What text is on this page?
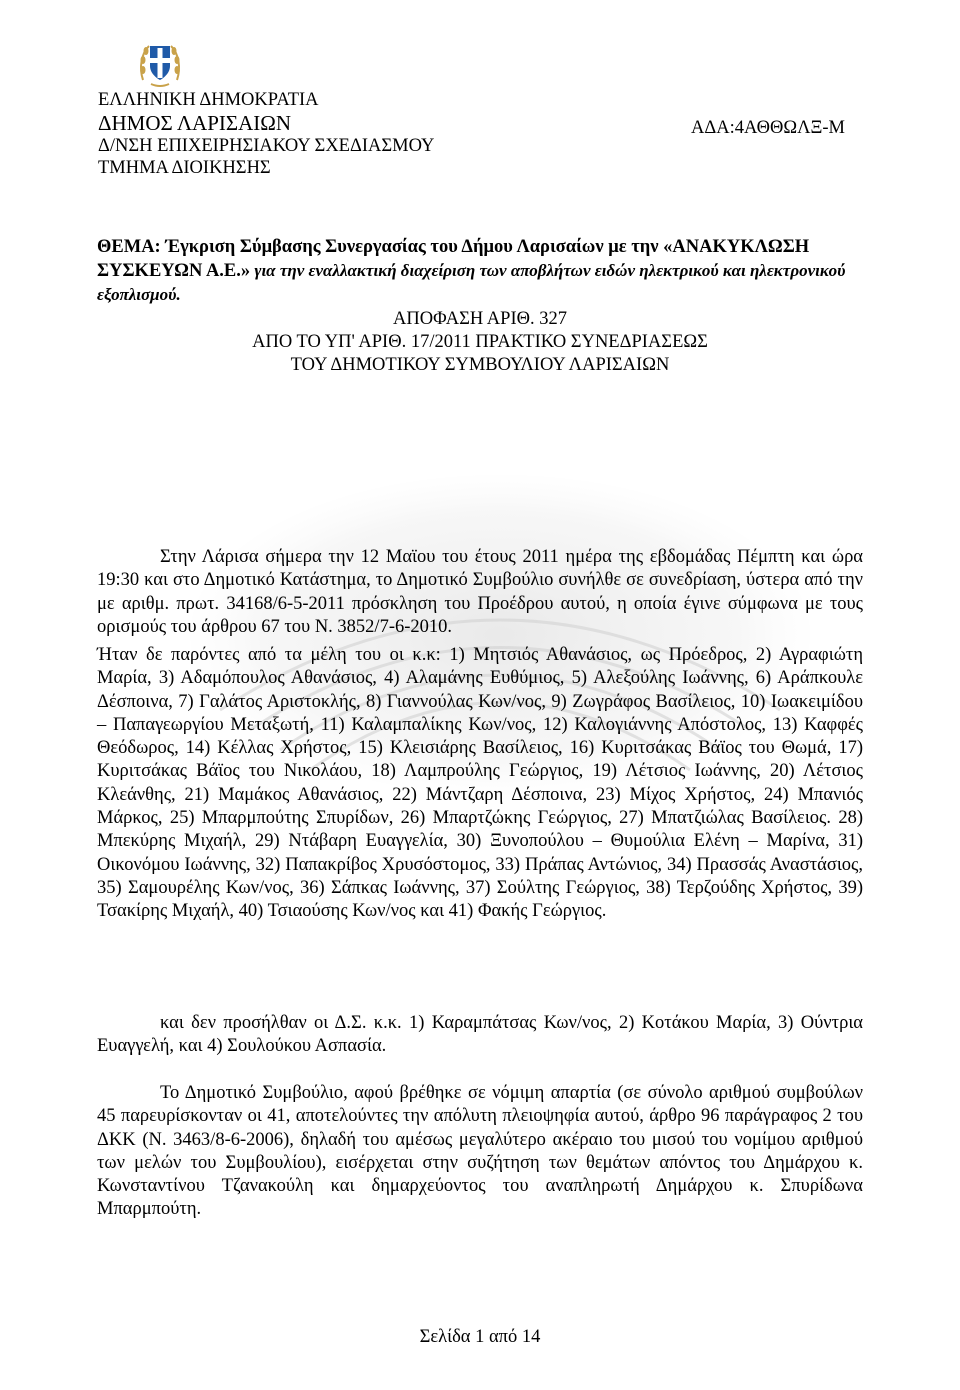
ΕΛΛΗΝΙΚΗ ΔΗΜΟΚΡΑΤΙΑ
ΔΗΜΟΣ ΛΑΡΙΣΑΙΩΝ
Δ/ΝΣΗ ΕΠΙΧΕΙΡΗΣΙΑΚΟΥ ΣΧΕΔΙΑΣΜΟΥ
ΤΜΗΜΑ ΔΙΟΙΚΗΣΗΣ
ΑΔΑ:4ΑΘΘΩΛΞ-Μ
ΑΠΟΦΑΣΗ ΑΡΙΘ. 327
ΑΠΟ ΤΟ ΥΠ' ΑΡΙΘ. 17/2011 ΠΡΑΚΤΙΚΟ ΣΥΝΕΔΡΙΑΣΕΩΣ
ΤΟΥ ΔΗΜΟΤΙΚΟΥ ΣΥΜΒΟΥΛΙΟΥ ΛΑΡΙΣΑΙΩΝ
ΘΕΜΑ: Έγκριση Σύμβασης Συνεργασίας του Δήμου Λαρισαίων με την «ΑΝΑΚΥΚΛΩΣΗ ΣΥΣΚΕΥΩΝ Α.Ε.» για την εναλλακτική διαχείριση των αποβλήτων ειδών ηλεκτρικού και ηλεκτρονικού εξοπλισμού.

Στην Λάρισα σήμερα την 12 Μαϊου του έτους 2011 ημέρα της εβδομάδας Πέμπτη και ώρα 19:30 και στο Δημοτικό Κατάστημα, το Δημοτικό Συμβούλιο συνήλθε σε συνεδρίαση, ύστερα από την με αριθμ. πρωτ. 34168/6-5-2011 πρόσκληση του Προέδρου αυτού, η οποία έγινε σύμφωνα με τους ορισμούς του άρθρου 67 του Ν. 3852/7-6-2010.

Ήταν δε παρόντες από τα μέλη του οι κ.κ: 1) Μητσιός Αθανάσιος, ως Πρόεδρος, 2) Αγραφιώτη Μαρία, 3) Αδαμόπουλος Αθανάσιος, 4) Αλαμάνης Ευθύμιος, 5) Αλεξούλης Ιωάννης, 6) Αράπκουλε Δέσποινα, 7) Γαλάτος Αριστοκλής, 8) Γιαννούλας Κων/νος, 9) Ζωγράφος Βασίλειος, 10) Ιωακειμίδου – Παπαγεωργίου Μεταξωτή, 11) Καλαμπαλίκης Κων/νος, 12) Καλογιάννης Απόστολος, 13) Καφφές Θεόδωρος, 14) Κέλλας Χρήστος, 15) Κλεισιάρης Βασίλειος, 16) Κυριτσάκας Βάϊος του Θωμά, 17) Κυριτσάκας Βάϊος του Νικολάου, 18) Λαμπρούλης Γεώργιος, 19) Λέτσιος Ιωάννης, 20) Λέτσιος Κλεάνθης, 21) Μαμάκος Αθανάσιος, 22) Μάντζαρη Δέσποινα, 23) Μίχος Χρήστος, 24) Μπανιός Μάρκος, 25) Μπαρμπούτης Σπυρίδων, 26) Μπαρτζώκης Γεώργιος, 27) Μπατζιώλας Βασίλειος. 28) Μπεκύρης Μιχαήλ, 29) Ντάβαρη Ευαγγελία, 30) Ξυνοπούλου – Θυμούλια Ελένη – Μαρίνα, 31) Οικονόμου Ιωάννης, 32) Παπακρίβος Χρυσόστομος, 33) Πράπας Αντώνιος, 34) Πρασσάς Αναστάσιος, 35) Σαμουρέλης Κων/νος, 36) Σάπκας Ιωάννης, 37) Σούλτης Γεώργιος, 38) Τερζούδης Χρήστος, 39) Τσακίρης Μιχαήλ, 40) Τσιαούσης Κων/νος και 41) Φακής Γεώργιος.

και δεν προσήλθαν οι Δ.Σ. κ.κ. 1) Καραμπάτσας Κων/νος, 2) Κοτάκου Μαρία, 3) Ούντρια Ευαγγελή, και 4) Σουλούκου Ασπασία.

Το Δημοτικό Συμβούλιο, αφού βρέθηκε σε νόμιμη απαρτία (σε σύνολο αριθμού συμβούλων 45 παρευρίσκονταν οι 41, αποτελούντες την απόλυτη πλειοψηφία αυτού, άρθρο 96 παράγραφος 2 του ΔΚΚ (Ν. 3463/8-6-2006), δηλαδή του αμέσως μεγαλύτερο ακέραιο του μισού του νομίμου αριθμού των μελών του Συμβουλίου), εισέρχεται στην συζήτηση των θεμάτων απόντος του Δημάρχου κ. Κωνσταντίνου Τζανακούλη και δημαρχεύοντος του αναπληρωτή Δημάρχου κ. Σπυρίδωνα Μπαρμπούτη.

Σελίδα 1 από 14
